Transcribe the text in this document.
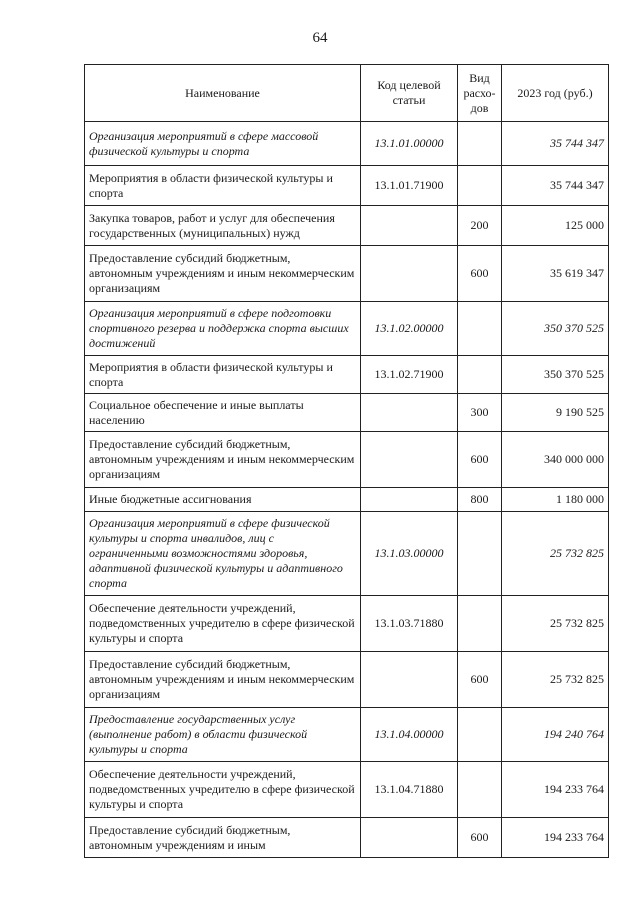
64
Наименование	Код целевой статьи	Вид расхо-дов	2023 год (руб.)
Организация мероприятий в сфере массовой физической культуры и спорта	13.1.01.00000		35 744 347
Мероприятия в области физической культуры и спорта	13.1.01.71900		35 744 347
Закупка товаров, работ и услуг для обеспечения государственных (муниципальных) нужд		200	125 000
Предоставление субсидий бюджетным, автономным учреждениям и иным некоммерческим организациям		600	35 619 347
Организация мероприятий в сфере подготовки спортивного резерва и поддержка спорта высших достижений	13.1.02.00000		350 370 525
Мероприятия в области физической культуры и спорта	13.1.02.71900		350 370 525
Социальное обеспечение и иные выплаты населению		300	9 190 525
Предоставление субсидий бюджетным, автономным учреждениям и иным некоммерческим организациям		600	340 000 000
Иные бюджетные ассигнования		800	1 180 000
Организация мероприятий в сфере физической культуры и спорта инвалидов, лиц с ограниченными возможностями здоровья, адаптивной физической культуры и адаптивного спорта	13.1.03.00000		25 732 825
Обеспечение деятельности учреждений, подведомственных учредителю в сфере физической культуры и спорта	13.1.03.71880		25 732 825
Предоставление субсидий бюджетным, автономным учреждениям и иным некоммерческим организациям		600	25 732 825
Предоставление государственных услуг (выполнение работ) в области физической культуры и спорта	13.1.04.00000		194 240 764
Обеспечение деятельности учреждений, подведомственных учредителю в сфере физической культуры и спорта	13.1.04.71880		194 233 764
Предоставление субсидий бюджетным, автономным учреждениям и иным		600	194 233 764
